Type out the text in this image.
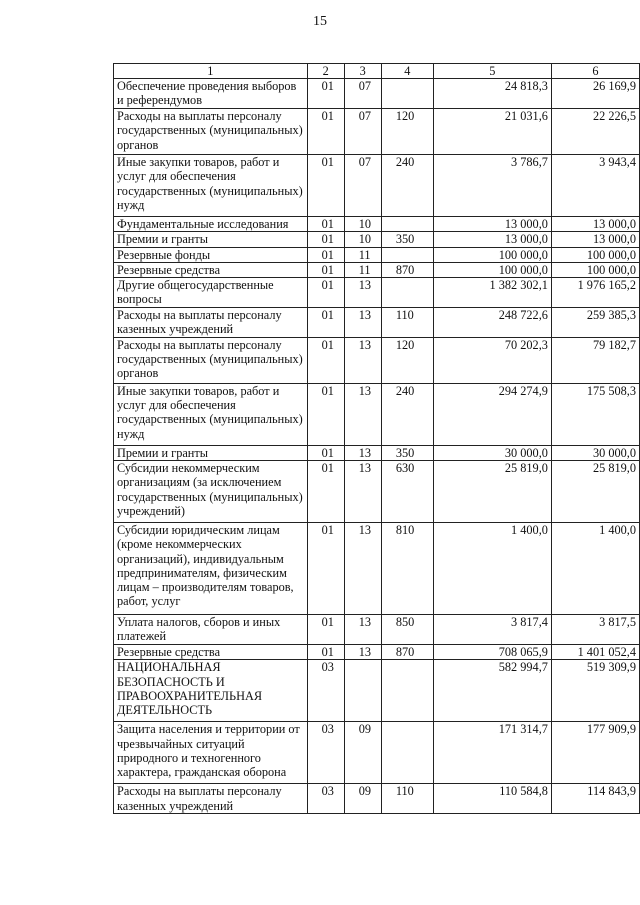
15
1	2	3	4	5	6
Обеспечение проведения выборов и референдумов	01	07		24 818,3	26 169,9
Расходы на выплаты персоналу государственных (муниципальных) органов	01	07	120	21 031,6	22 226,5
Иные закупки товаров, работ и услуг для обеспечения государственных (муниципальных) нужд	01	07	240	3 786,7	3 943,4
Фундаментальные исследования	01	10		13 000,0	13 000,0
Премии и гранты	01	10	350	13 000,0	13 000,0
Резервные фонды	01	11		100 000,0	100 000,0
Резервные средства	01	11	870	100 000,0	100 000,0
Другие общегосударственные вопросы	01	13		1 382 302,1	1 976 165,2
Расходы на выплаты персоналу казенных учреждений	01	13	110	248 722,6	259 385,3
Расходы на выплаты персоналу государственных (муниципальных) органов	01	13	120	70 202,3	79 182,7
Иные закупки товаров, работ и услуг для обеспечения государственных (муниципальных) нужд	01	13	240	294 274,9	175 508,3
Премии и гранты	01	13	350	30 000,0	30 000,0
Субсидии некоммерческим организациям (за исключением государственных (муниципальных) учреждений)	01	13	630	25 819,0	25 819,0
Субсидии юридическим лицам (кроме некоммерческих организаций), индивидуальным предпринимателям, физическим лицам – производителям товаров, работ, услуг	01	13	810	1 400,0	1 400,0
Уплата налогов, сборов и иных платежей	01	13	850	3 817,4	3 817,5
Резервные средства	01	13	870	708 065,9	1 401 052,4
НАЦИОНАЛЬНАЯ БЕЗОПАСНОСТЬ И ПРАВООХРАНИТЕЛЬНАЯ ДЕЯТЕЛЬНОСТЬ	03			582 994,7	519 309,9
Защита населения и территории от чрезвычайных ситуаций природного и техногенного характера, гражданская оборона	03	09		171 314,7	177 909,9
Расходы на выплаты персоналу казенных учреждений	03	09	110	110 584,8	114 843,9
